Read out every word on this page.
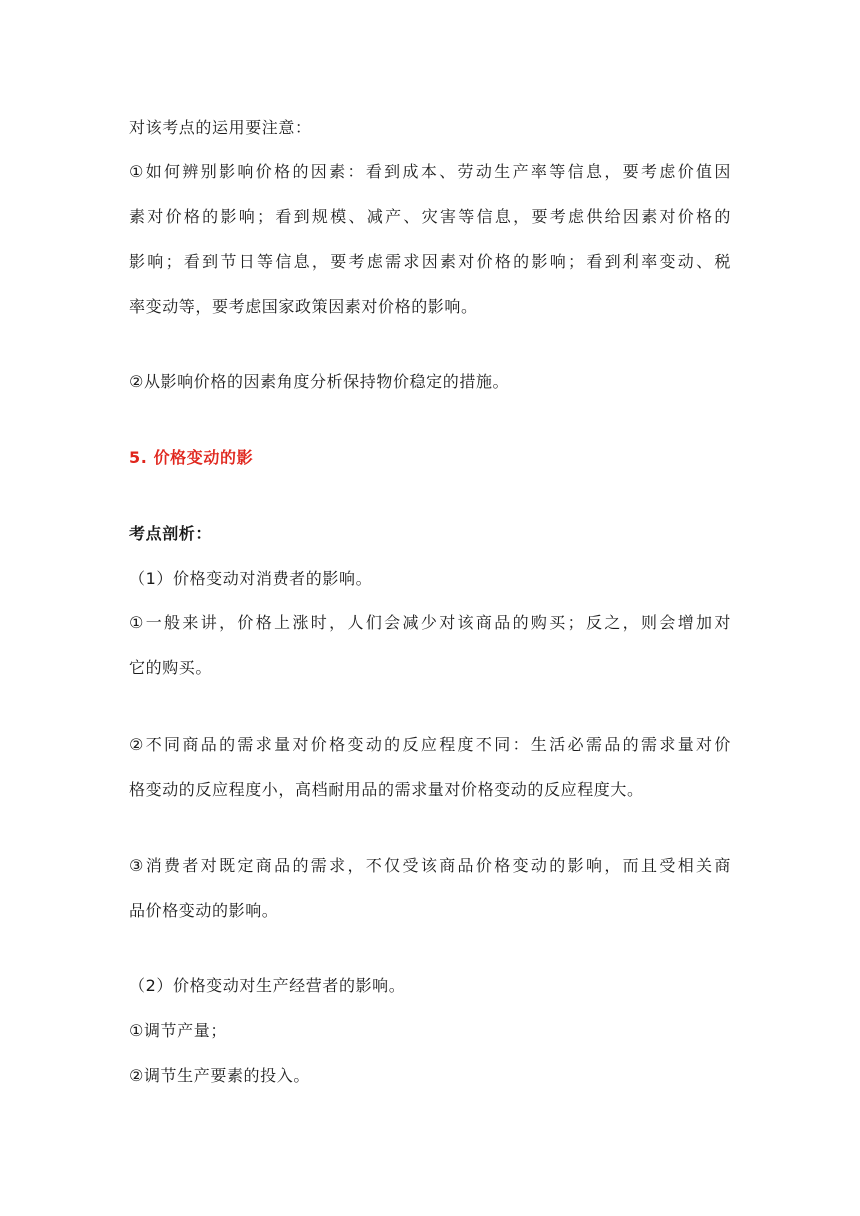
对该考点的运用要注意：
①如何辨别影响价格的因素：看到成本、劳动生产率等信息，要考虑价值因
素对价格的影响；看到规模、减产、灾害等信息，要考虑供给因素对价格的
影响；看到节日等信息，要考虑需求因素对价格的影响；看到利率变动、税
率变动等，要考虑国家政策因素对价格的影响。
②从影响价格的因素角度分析保持物价稳定的措施。
5. 价格变动的影
考点剖析：
（1）价格变动对消费者的影响。
①一般来讲，价格上涨时，人们会减少对该商品的购买；反之，则会增加对
它的购买。
②不同商品的需求量对价格变动的反应程度不同：生活必需品的需求量对价
格变动的反应程度小，高档耐用品的需求量对价格变动的反应程度大。
③消费者对既定商品的需求，不仅受该商品价格变动的影响，而且受相关商
品价格变动的影响。
（2）价格变动对生产经营者的影响。
①调节产量；
②调节生产要素的投入。
